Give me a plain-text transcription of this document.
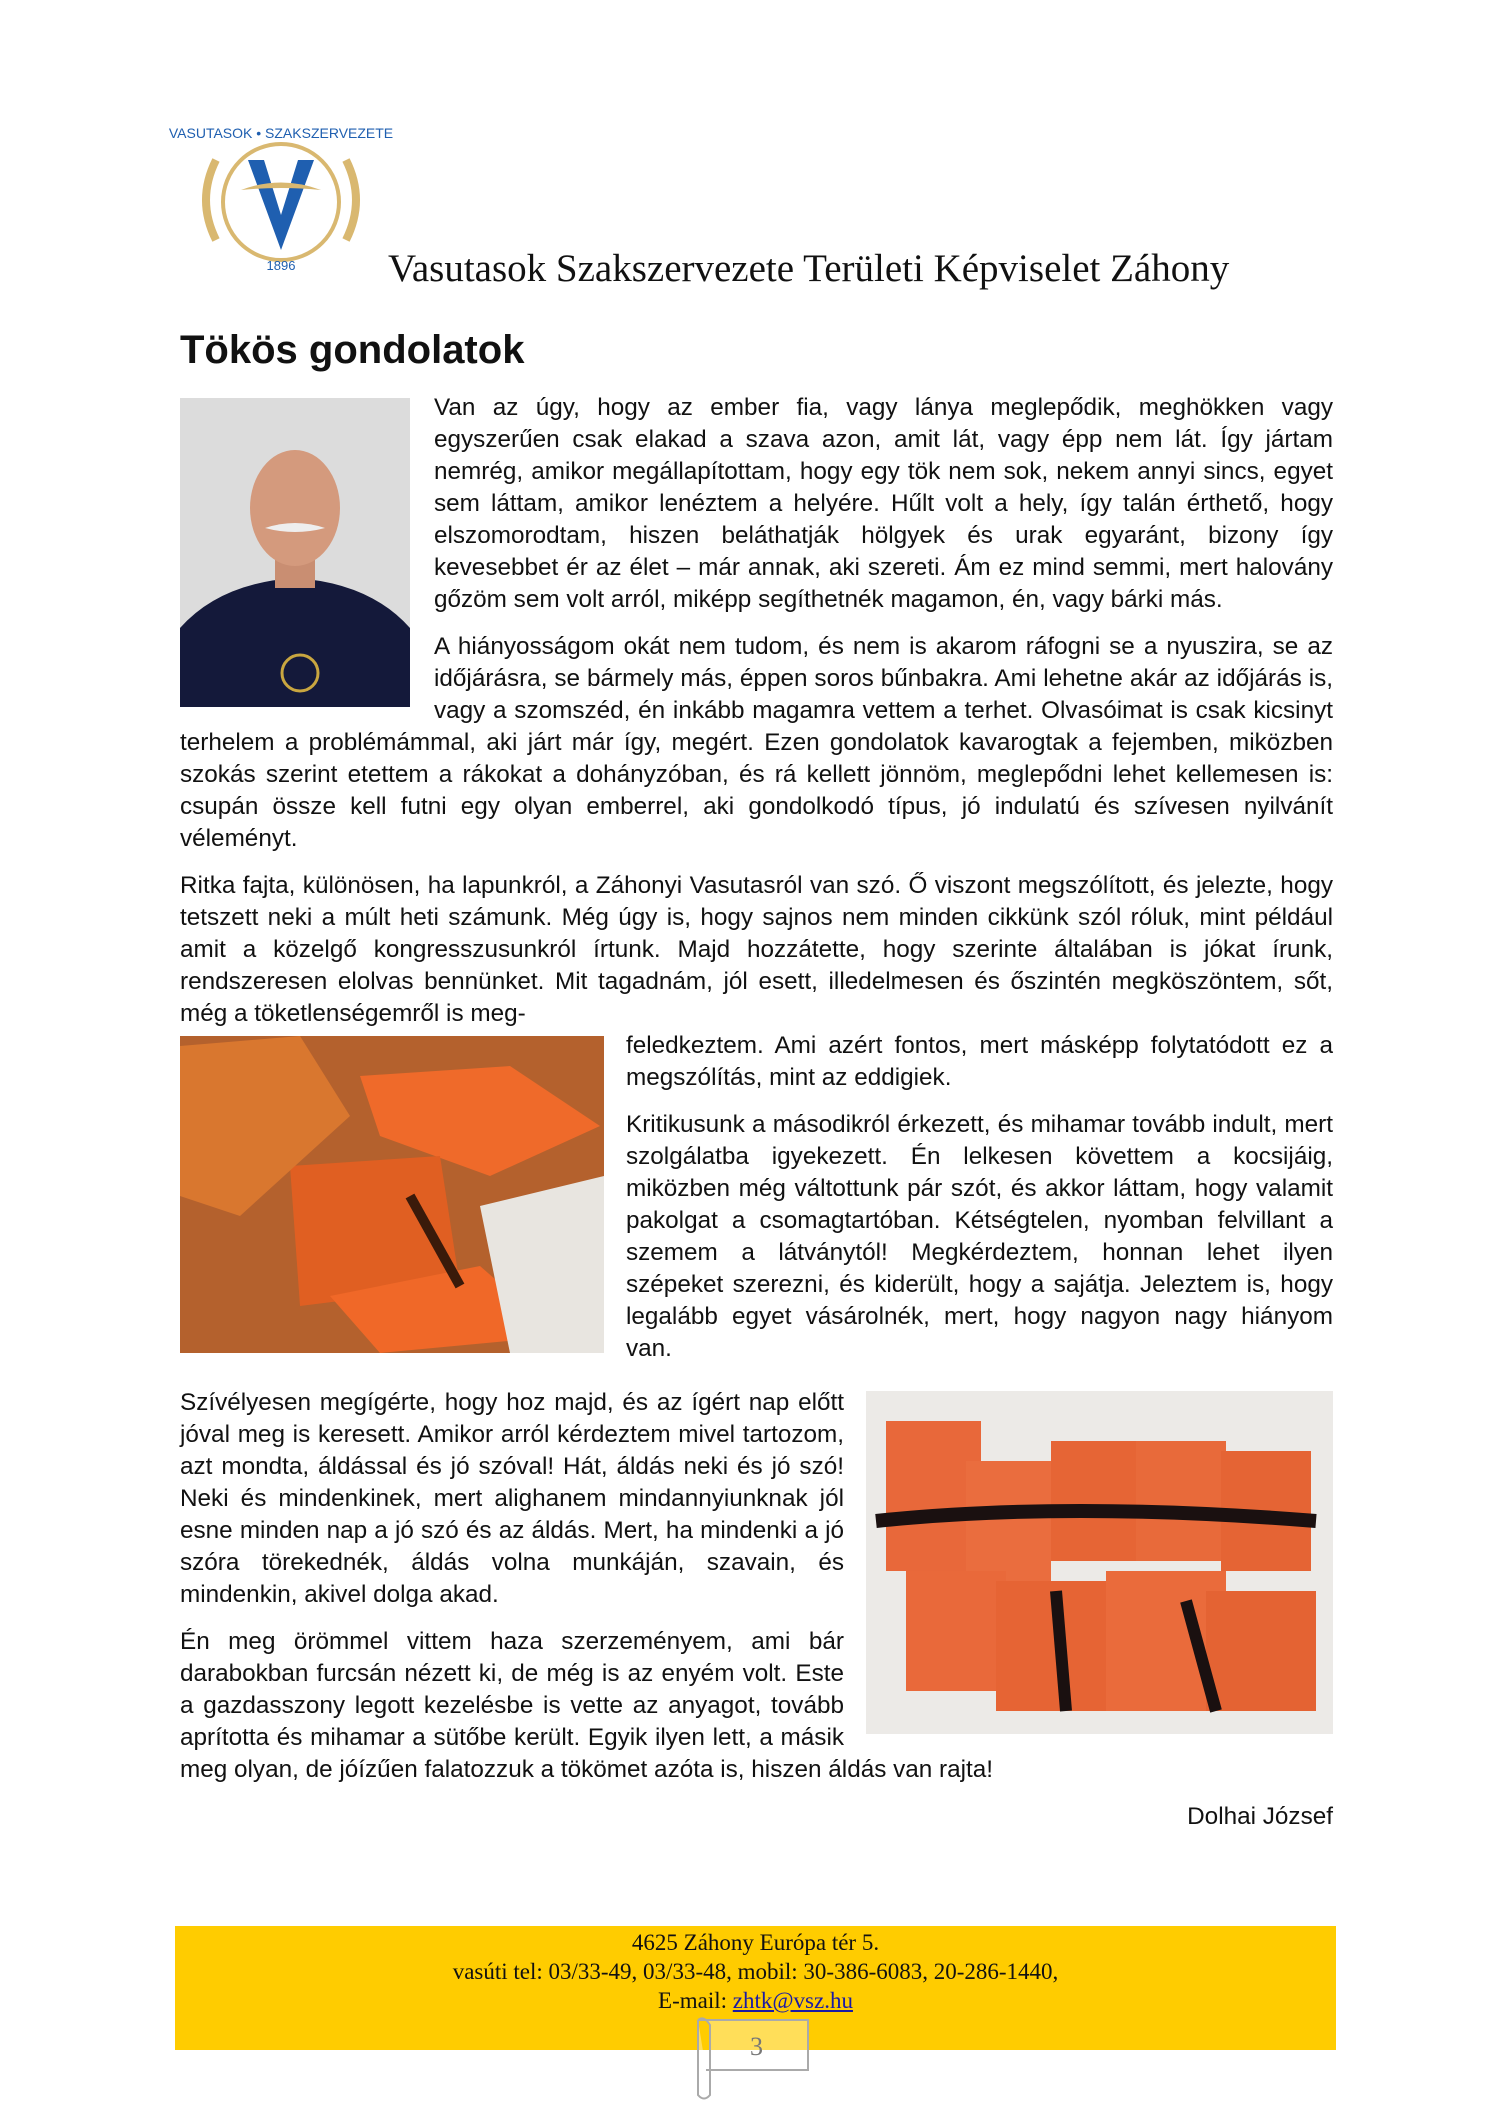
VASUTASOK • SZAKSZERVEZETE
1896 Vasutasok Szakszervezete Területi Képviselet Záhony
Tökös gondolatok

Van az úgy, hogy az ember fia, vagy lánya meglepődik, meghökken vagy egyszerűen csak elakad a szava azon, amit lát, vagy épp nem lát. Így jártam nemrég, amikor megállapítottam, hogy egy tök nem sok, nekem annyi sincs, egyet sem láttam, amikor lenéztem a helyére. Hűlt volt a hely, így talán érthető, hogy elszomorodtam, hiszen beláthatják hölgyek és urak egyaránt, bizony így kevesebbet ér az élet – már annak, aki szereti. Ám ez mind semmi, mert halovány gőzöm sem volt arról, miképp segíthetnék magamon, én, vagy bárki más.

A hiányosságom okát nem tudom, és nem is akarom ráfogni se a nyuszira, se az időjárásra, se bármely más, éppen soros bűnbakra. Ami lehetne akár az időjárás is, vagy a szomszéd, én inkább magamra vettem a terhet. Olvasóimat is csak kicsinyt terhelem a problémámmal, aki járt már így, megért. Ezen gondolatok kavarogtak a fejemben, miközben szokás szerint etettem a rákokat a dohányzóban, és rá kellett jönnöm, meglepődni lehet kellemesen is: csupán össze kell futni egy olyan emberrel, aki gondolkodó típus, jó indulatú és szívesen nyilvánít véleményt.

Ritka fajta, különösen, ha lapunkról, a Záhonyi Vasutasról van szó. Ő viszont megszólított, és jelezte, hogy tetszett neki a múlt heti számunk. Még úgy is, hogy sajnos nem minden cikkünk szól róluk, mint például amit a közelgő kongresszusunkról írtunk. Majd hozzátette, hogy szerinte általában is jókat írunk, rendszeresen elolvas bennünket. Mit tagadnám, jól esett, illedelmesen és őszintén megköszöntem, sőt, még a töketlenségemről is meg-

feledkeztem. Ami azért fontos, mert másképp folytatódott ez a megszólítás, mint az eddigiek.

Kritikusunk a másodikról érkezett, és mihamar tovább indult, mert szolgálatba igyekezett. Én lelkesen követtem a kocsijáig, miközben még váltottunk pár szót, és akkor láttam, hogy valamit pakolgat a csomagtartóban. Kétségtelen, nyomban felvillant a szemem a látványtól! Megkérdeztem, honnan lehet ilyen szépeket szerezni, és kiderült, hogy a sajátja. Jeleztem is, hogy legalább egyet vásárolnék, mert, hogy nagyon nagy hiányom van.

Szívélyesen megígérte, hogy hoz majd, és az ígért nap előtt jóval meg is keresett. Amikor arról kérdeztem mivel tartozom, azt mondta, áldással és jó szóval! Hát, áldás neki és jó szó! Neki és mindenkinek, mert alighanem mindannyiunknak jól esne minden nap a jó szó és az áldás. Mert, ha mindenki a jó szóra törekednék, áldás volna munkáján, szavain, és mindenkin, akivel dolga akad.

Én meg örömmel vittem haza szerzeményem, ami bár darabokban furcsán nézett ki, de még is az enyém volt. Este a gazdasszony legott kezelésbe is vette az anyagot, tovább aprította és mihamar a sütőbe került. Egyik ilyen lett, a másik meg olyan, de jóízűen falatozzuk a tökömet azóta is, hiszen áldás van rajta!

Dolhai József

4625 Záhony Európa tér 5.
vasúti tel: 03/33-49, 03/33-48, mobil: 30-386-6083, 20-286-1440,
E-mail: zhtk@vsz.hu
3
